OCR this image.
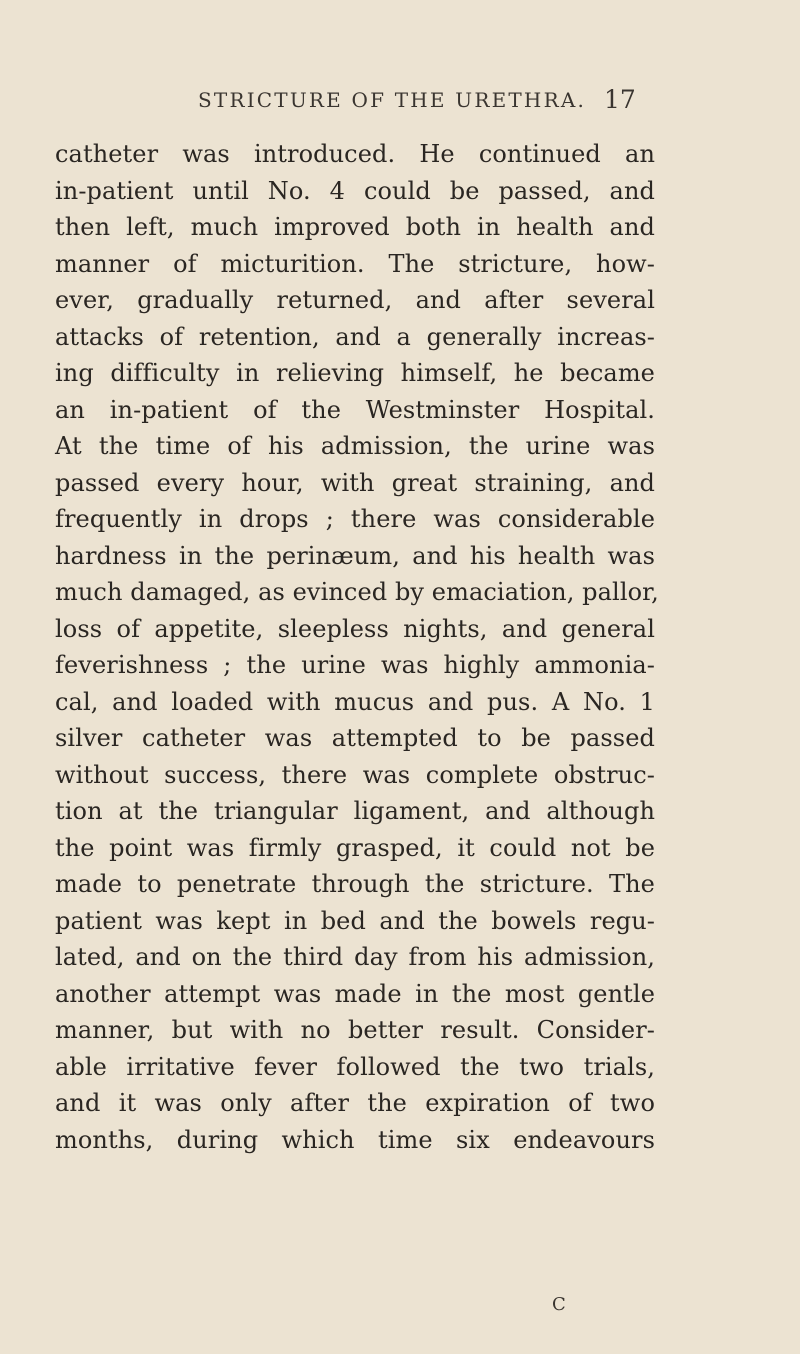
STRICTURE OF THE URETHRA. 17
catheter was introduced. He continued an
in-patient until No. 4 could be passed, and
then left, much improved both in health and
manner of micturition. The stricture, how-
ever, gradually returned, and after several
attacks of retention, and a generally increas-
ing difficulty in relieving himself, he became
an in-patient of the Westminster Hospital.
At the time of his admission, the urine was
passed every hour, with great straining, and
frequently in drops ; there was considerable
hardness in the perinæum, and his health was
much damaged, as evinced by emaciation, pallor,
loss of appetite, sleepless nights, and general
feverishness ; the urine was highly ammonia-
cal, and loaded with mucus and pus. A No. 1
silver catheter was attempted to be passed
without success, there was complete obstruc-
tion at the triangular ligament, and although
the point was firmly grasped, it could not be
made to penetrate through the stricture. The
patient was kept in bed and the bowels regu-
lated, and on the third day from his admission,
another attempt was made in the most gentle
manner, but with no better result. Consider-
able irritative fever followed the two trials,
and it was only after the expiration of two
months, during which time six endeavours
C
